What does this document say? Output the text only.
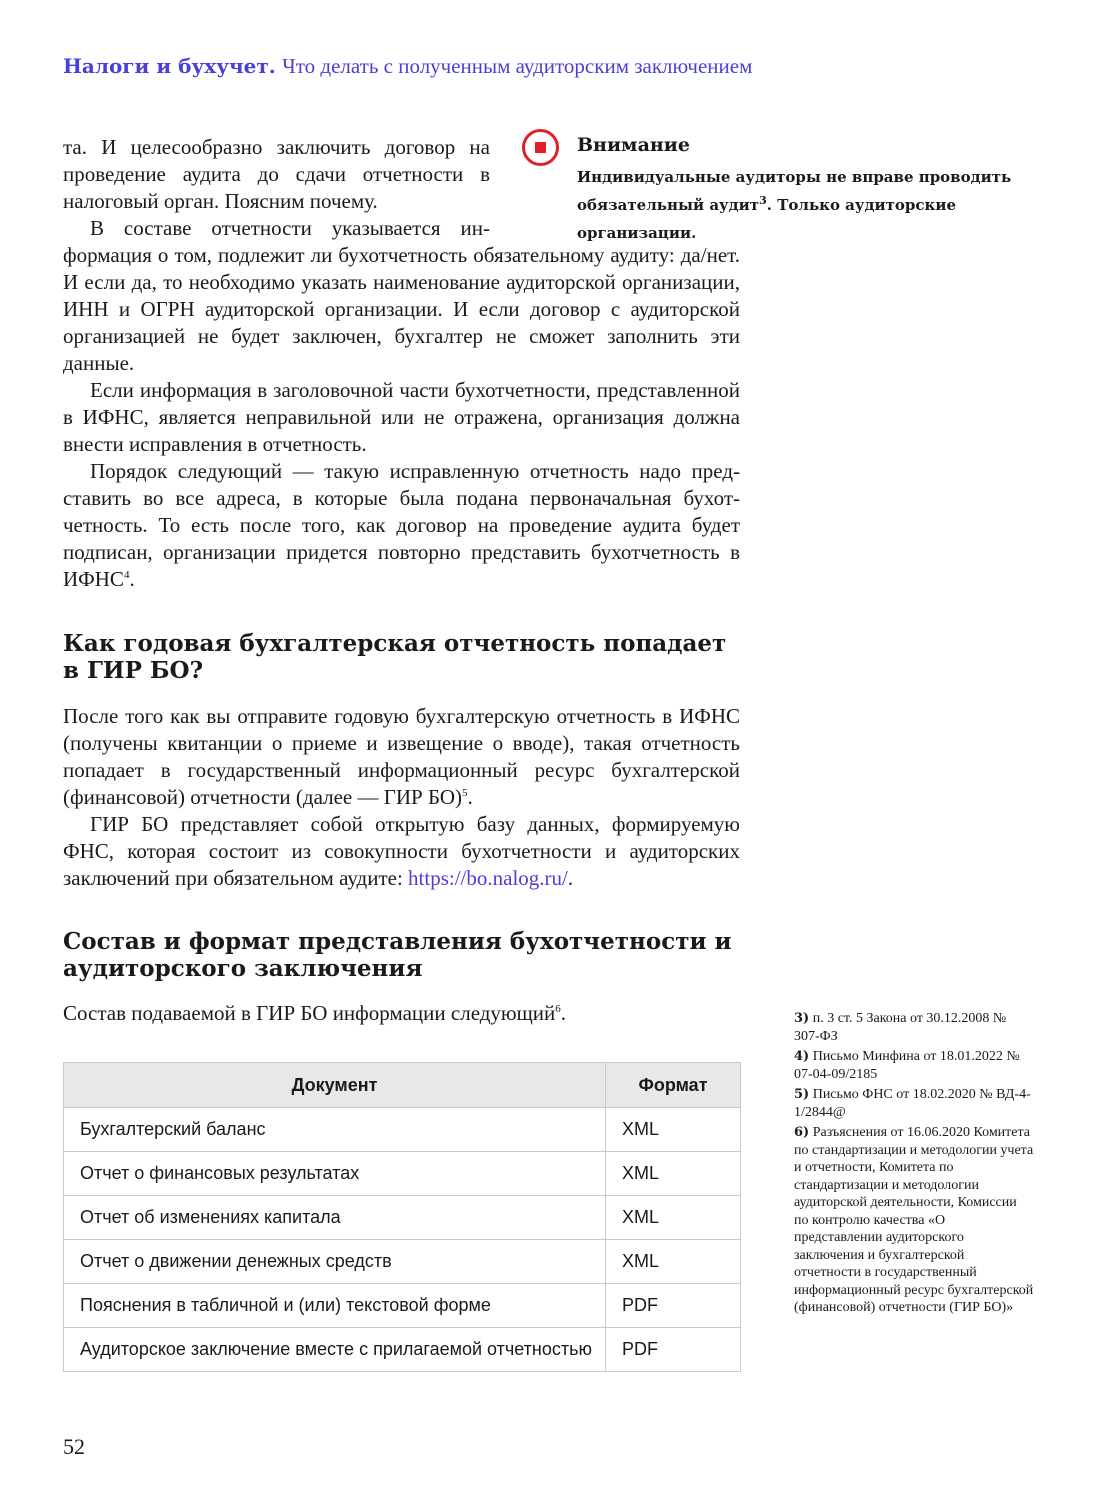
Налоги и бухучет. Что делать с полученным аудиторским заключением
та. И целесообразно заключить договор на проведение аудита до сдачи отчетности в налоговый орган. Поясним почему.
В составе отчетности указывается информация о том, подлежит ли бухотчетность обязательному аудиту: да/нет. И если да, то необходимо указать наименование аудиторской организации, ИНН и ОГРН аудиторской организации. И если договор с аудиторской организацией не будет заключен, бухгалтер не сможет заполнить эти данные.
Если информация в заголовочной части бухотчетности, представленной в ИФНС, является неправильной или не отражена, организация должна внести исправления в отчетность.
Порядок следующий — такую исправленную отчетность надо представить во все адреса, в которые была подана первоначальная бухотчетность. То есть после того, как договор на проведение аудита будет подписан, организации придется повторно представить бухотчетность в ИФНС$^4$.
Внимание

Индивидуальные аудиторы не вправе проводить обязательный аудит$^3$. Только аудиторские организации.

Как годовая бухгалтерская отчетность попадает в ГИР БО?
После того как вы отправите годовую бухгалтерскую отчетность в ИФНС (получены квитанции о приеме и извещение о вводе), такая отчетность попадает в государственный информационный ресурс бухгалтерской (финансовой) отчетности (далее — ГИР БО)$^5$.
ГИР БО представляет собой открытую базу данных, формируемую ФНС, которая состоит из совокупности бухотчетности и аудиторских заключений при обязательном аудите: https://bo.nalog.ru/.
Состав и формат представления бухотчетности и аудиторского заключения
Состав подаваемой в ГИР БО информации следующий$^6$.
Документ	Формат
Бухгалтерский баланс	XML
Отчет о финансовых результатах	XML
Отчет об изменениях капитала	XML
Отчет о движении денежных средств	XML
Пояснения в табличной и (или) текстовой форме	PDF
Аудиторское заключение вместе с прилагаемой отчетностью	PDF

3) п. 3 ст. 5 Закона от 30.12.2008 № 307-ФЗ

4) Письмо Минфина от 18.01.2022 № 07-04-09/2185

5) Письмо ФНС от 18.02.2020 № ВД-4-1/2844@

6) Разъяснения от 16.06.2020 Комитета по стандартизации и методологии учета и отчетности, Комитета по стандартизации и методологии аудиторской деятельности, Комиссии по контролю качества «О представлении аудиторского заключения и бухгалтерской отчетности в государственный информационный ресурс бухгалтерской (финансовой) отчетности (ГИР БО)»

52
